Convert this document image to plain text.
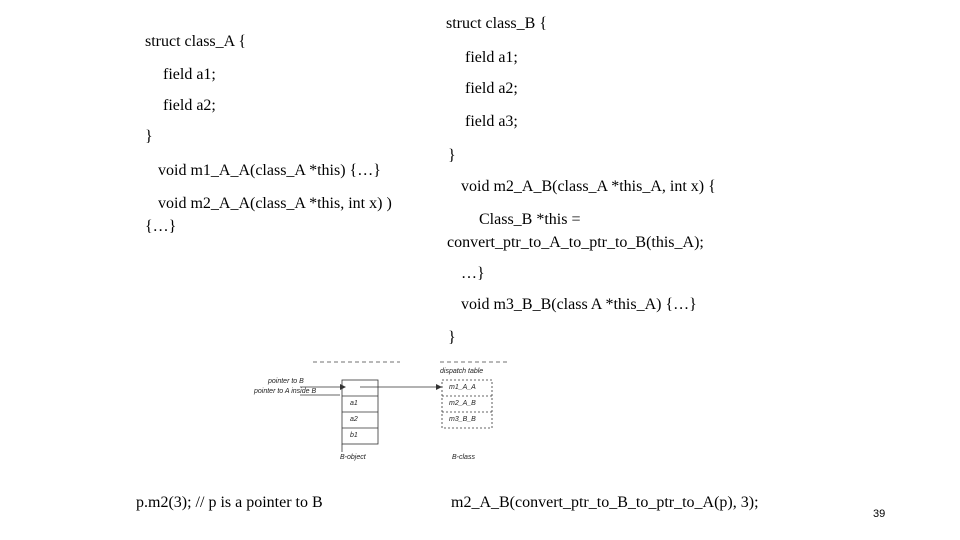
struct class_A {
field a1;
field a2;
}
void m1_A_A(class_A *this) {…}
void m2_A_A(class_A *this, int x) )
{…}
struct class_B {
field a1;
field a2;
field a3;
}
void m2_A_B(class_A *this_A, int x) {
Class_B *this =
convert_ptr_to_A_to_ptr_to_B(this_A);
…}
void m3_B_B(class A *this_A) {…}
}
pointer to B
pointer to A inside B
a1
a2
b1
B-object
dispatch table
m1_A_A
m2_A_B
m3_B_B
B-class
p.m2(3); // p is a pointer to B	m2_A_B(convert_ptr_to_B_to_ptr_to_A(p), 3);
39
